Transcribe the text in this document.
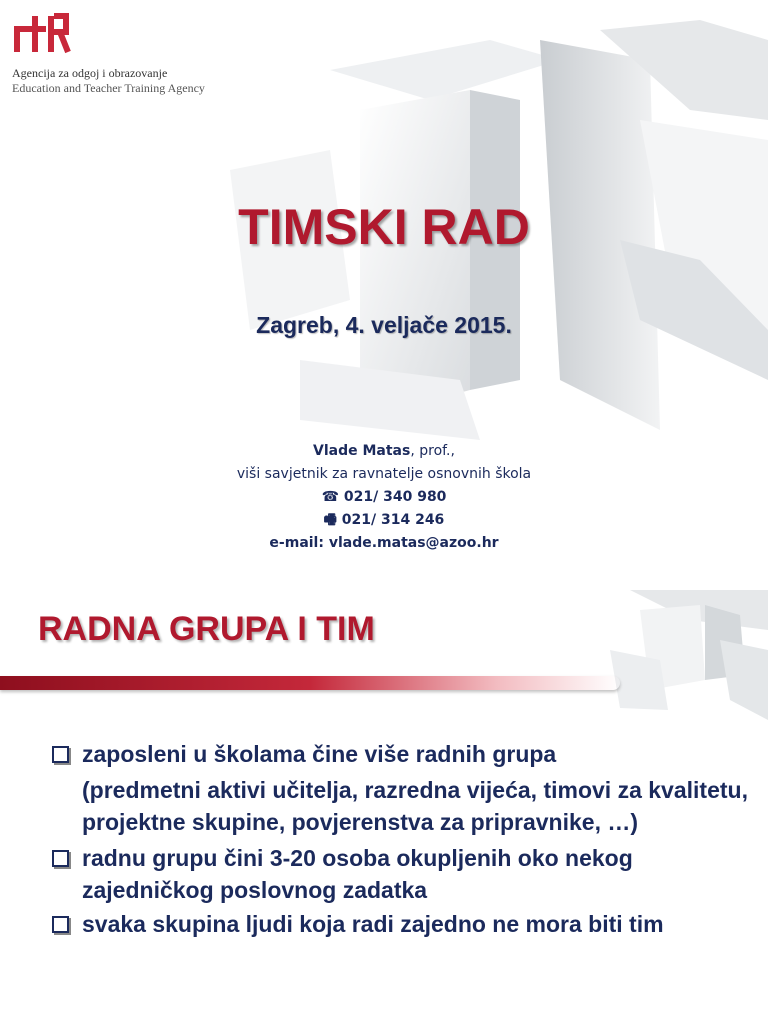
Agencija za odgoj i obrazovanje
Education and Teacher Training Agency
TIMSKI RAD
Zagreb, 4. veljače 2015.
Vlade Matas, prof.,
viši savjetnik za ravnatelje osnovnih škola
☎ 021/ 340 980
🖷 021/ 314 246
e-mail: vlade.matas@azoo.hr
RADNA GRUPA I TIM
zaposleni u školama čine više radnih grupa
(predmetni aktivi učitelja, razredna vijeća, timovi za kvalitetu, projektne skupine, povjerenstva za pripravnike, …)
radnu grupu čini 3-20 osoba okupljenih oko nekog zajedničkog poslovnog zadatka
svaka skupina ljudi koja radi zajedno ne mora biti tim
